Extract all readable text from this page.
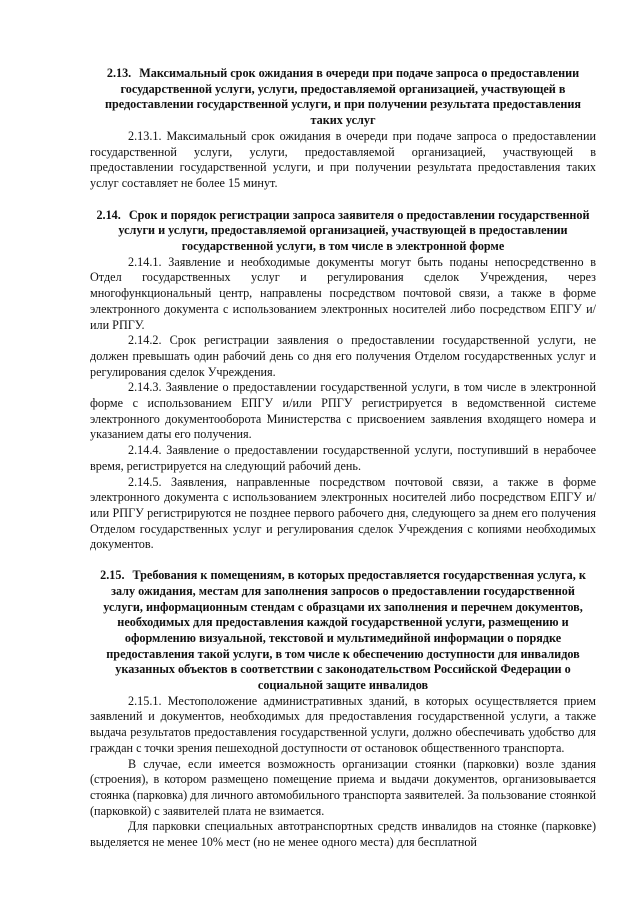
2.13. Максимальный срок ожидания в очереди при подаче запроса о предоставлении государственной услуги, услуги, предоставляемой организацией, участвующей в предоставлении государственной услуги, и при получении результата предоставления таких услуг

2.13.1. Максимальный срок ожидания в очереди при подаче запроса о предоставлении государственной услуги, услуги, предоставляемой организацией, участвующей в предоставлении государственной услуги, и при получении результата предоставления таких услуг составляет не более 15 минут.

2.14. Срок и порядок регистрации запроса заявителя о предоставлении государственной услуги и услуги, предоставляемой организацией, участвующей в предоставлении государственной услуги, в том числе в электронной форме

2.14.1. Заявление и необходимые документы могут быть поданы непосредственно в Отдел государственных услуг и регулирования сделок Учреждения, через многофункциональный центр, направлены посредством почтовой связи, а также в форме электронного документа с использованием электронных носителей либо посредством ЕПГУ и/или РПГУ.

2.14.2. Срок регистрации заявления о предоставлении государственной услуги, не должен превышать один рабочий день со дня его получения Отделом государственных услуг и регулирования сделок Учреждения.

2.14.3. Заявление о предоставлении государственной услуги, в том числе в электронной форме с использованием ЕПГУ и/или РПГУ регистрируется в ведомственной системе электронного документооборота Министерства с присвоением заявления входящего номера и указанием даты его получения.

2.14.4. Заявление о предоставлении государственной услуги, поступивший в нерабочее время, регистрируется на следующий рабочий день.

2.14.5. Заявления, направленные посредством почтовой связи, а также в форме электронного документа с использованием электронных носителей либо посредством ЕПГУ и/или РПГУ регистрируются не позднее первого рабочего дня, следующего за днем его получения Отделом государственных услуг и регулирования сделок Учреждения с копиями необходимых документов.

2.15. Требования к помещениям, в которых предоставляется государственная услуга, к залу ожидания, местам для заполнения запросов о предоставлении государственной услуги, информационным стендам с образцами их заполнения и перечнем документов, необходимых для предоставления каждой государственной услуги, размещению и оформлению визуальной, текстовой и мультимедийной информации о порядке предоставления такой услуги, в том числе к обеспечению доступности для инвалидов указанных объектов в соответствии с законодательством Российской Федерации о социальной защите инвалидов

2.15.1. Местоположение административных зданий, в которых осуществляется прием заявлений и документов, необходимых для предоставления государственной услуги, а также выдача результатов предоставления государственной услуги, должно обеспечивать удобство для граждан с точки зрения пешеходной доступности от остановок общественного транспорта.

В случае, если имеется возможность организации стоянки (парковки) возле здания (строения), в котором размещено помещение приема и выдачи документов, организовывается стоянка (парковка) для личного автомобильного транспорта заявителей. За пользование стоянкой (парковкой) с заявителей плата не взимается.

Для парковки специальных автотранспортных средств инвалидов на стоянке (парковке) выделяется не менее 10% мест (но не менее одного места) для бесплатной
